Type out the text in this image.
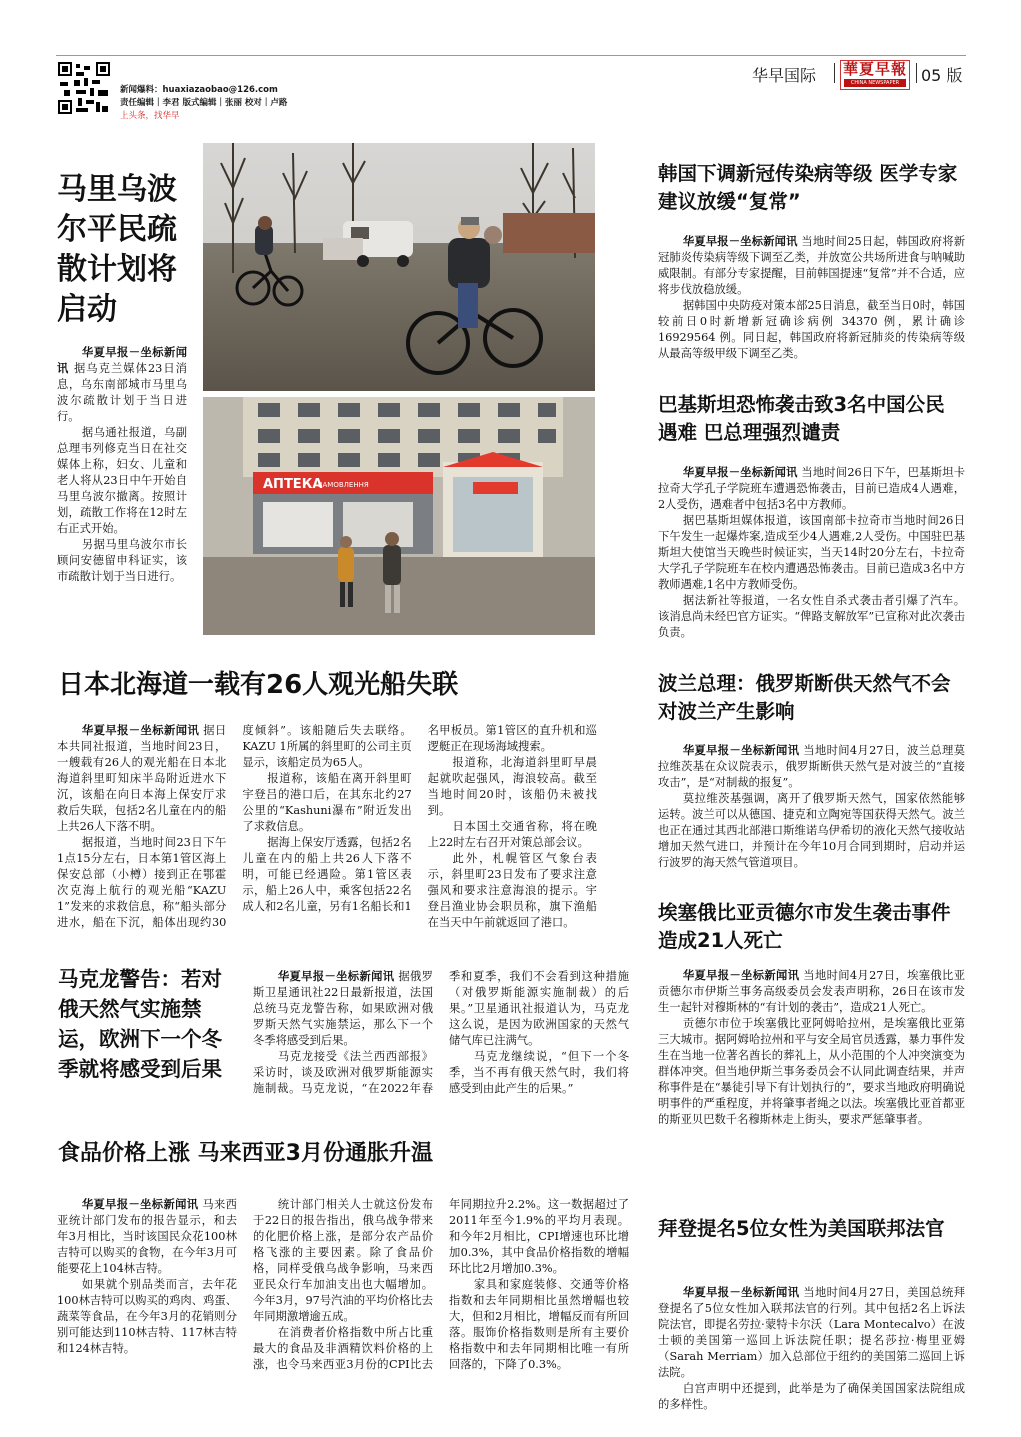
新闻爆料：huaxiazaobao@126.com
责任编辑｜李君 版式编辑｜张丽 校对｜卢路
上头条，找华早
华早国际 華夏早報
CHINA NEWSPAPER	05 版
马里乌波尔平民疏散计划将启动

华夏早报－坐标新闻讯 据乌克兰媒体23日消息，乌东南部城市马里乌波尔疏散计划于当日进行。

据乌通社报道，乌副总理韦列修克当日在社交媒体上称，妇女、儿童和老人将从23日中午开始自马里乌波尔撤离。按照计划，疏散工作将在12时左右正式开始。

另据马里乌波尔市长顾问安德留申科证实，该市疏散计划于当日进行。

АПТЕКА
ЗАМОВЛЕННЯ
韩国下调新冠传染病等级 医学专家建议放缓“复常”

华夏早报－坐标新闻讯 当地时间25日起，韩国政府将新冠肺炎传染病等级下调至乙类，并放宽公共场所进食与呐喊助威限制。有部分专家提醒，目前韩国提速“复常”并不合适，应将步伐放稳放缓。

据韩国中央防疫对策本部25日消息，截至当日0时，韩国较前日0时新增新冠确诊病例 34370 例，累计确诊16929564 例。同日起，韩国政府将新冠肺炎的传染病等级从最高等级甲级下调至乙类。

巴基斯坦恐怖袭击致3名中国公民遇难 巴总理强烈谴责

华夏早报－坐标新闻讯 当地时间26日下午，巴基斯坦卡拉奇大学孔子学院班车遭遇恐怖袭击，目前已造成4人遇难，2人受伤，遇难者中包括3名中方教师。

据巴基斯坦媒体报道，该国南部卡拉奇市当地时间26日下午发生一起爆炸案,造成至少4人遇难,2人受伤。中国驻巴基斯坦大使馆当天晚些时候证实，当天14时20分左右，卡拉奇大学孔子学院班车在校内遭遇恐怖袭击。目前已造成3名中方教师遇难,1名中方教师受伤。

据法新社等报道，一名女性自杀式袭击者引爆了汽车。该消息尚未经巴官方证实。“俾路支解放军”已宣称对此次袭击负责。

日本北海道一载有26人观光船失联

华夏早报－坐标新闻讯 据日本共同社报道，当地时间23日，一艘载有26人的观光船在日本北海道斜里町知床半岛附近进水下沉，该船在向日本海上保安厅求救后失联，包括2名儿童在内的船上共26人下落不明。

据报道，当地时间23日下午1点15分左右，日本第1管区海上保安总部（小樽）接到正在鄂霍次克海上航行的观光船“KAZU 1”发来的求救信息，称“船头部分进水，船在下沉，船体出现约30度倾斜”。该船随后失去联络。KAZU 1所属的斜里町的公司主页显示，该船定员为65人。

报道称，该船在离开斜里町宇登吕的港口后，在其东北约27公里的“Kashuni瀑布”附近发出了求救信息。

据海上保安厅透露，包括2名儿童在内的船上共26人下落不明，可能已经遇险。第1管区表示，船上26人中，乘客包括22名成人和2名儿童，另有1名船长和1名甲板员。第1管区的直升机和巡逻艇正在现场海域搜索。

报道称，北海道斜里町早晨起就吹起强风，海浪较高。截至当地时间20时，该船仍未被找到。

日本国土交通省称，将在晚上22时左右召开对策总部会议。

此外，札幌管区气象台表示，斜里町23日发布了要求注意强风和要求注意海浪的提示。宇登吕渔业协会职员称，旗下渔船在当天中午前就返回了港口。

波兰总理：俄罗斯断供天然气不会对波兰产生影响

华夏早报－坐标新闻讯 当地时间4月27日，波兰总理莫拉维茨基在众议院表示，俄罗斯断供天然气是对波兰的“直接攻击”，是“对制裁的报复”。

莫拉维茨基强调，离开了俄罗斯天然气，国家依然能够运转。波兰可以从德国、捷克和立陶宛等国获得天然气。波兰也正在通过其西北部港口斯维诺乌伊希切的液化天然气接收站增加天然气进口，并预计在今年10月合同到期时，启动并运行波罗的海天然气管道项目。

马克龙警告：若对俄天然气实施禁运，欧洲下一个冬季就将感受到后果

华夏早报－坐标新闻讯 据俄罗斯卫星通讯社22日最新报道，法国总统马克龙警告称，如果欧洲对俄罗斯天然气实施禁运，那么下一个冬季将感受到后果。

马克龙接受《法兰西西部报》采访时，谈及欧洲对俄罗斯能源实施制裁。马克龙说，“在2022年春季和夏季，我们不会看到这种措施（对俄罗斯能源实施制裁）的后果。”卫星通讯社报道认为，马克龙这么说，是因为欧洲国家的天然气储气库已注满气。

马克龙继续说，“但下一个冬季，当不再有俄天然气时，我们将感受到由此产生的后果。”

埃塞俄比亚贡德尔市发生袭击事件 造成21人死亡

华夏早报－坐标新闻讯 当地时间4月27日，埃塞俄比亚贡德尔市伊斯兰事务高级委员会发表声明称，26日在该市发生一起针对穆斯林的“有计划的袭击”，造成21人死亡。

贡德尔市位于埃塞俄比亚阿姆哈拉州，是埃塞俄比亚第三大城市。据阿姆哈拉州和平与安全局官员透露，暴力事件发生在当地一位著名酋长的葬礼上，从小范围的个人冲突演变为群体冲突。但当地伊斯兰事务委员会不认同此调查结果，并声称事件是在“暴徒引导下有计划执行的”，要求当地政府明确说明事件的严重程度，并将肇事者绳之以法。埃塞俄比亚首都亚的斯亚贝巴数千名穆斯林走上街头，要求严惩肇事者。

食品价格上涨 马来西亚3月份通胀升温

华夏早报－坐标新闻讯 马来西亚统计部门发布的报告显示，和去年3月相比，当时该国民众花100林吉特可以购买的食物，在今年3月可能要花上104林吉特。

如果就个别品类而言，去年花100林吉特可以购买的鸡肉、鸡蛋、蔬菜等食品，在今年3月的花销则分别可能达到110林吉特、117林吉特和124林吉特。

统计部门相关人士就这份发布于22日的报告指出，俄乌战争带来的化肥价格上涨，是部分农产品价格飞涨的主要因素。除了食品价格，同样受俄乌战争影响，马来西亚民众行车加油支出也大幅增加。今年3月，97号汽油的平均价格比去年同期激增逾五成。

在消费者价格指数中所占比重最大的食品及非酒精饮料价格的上涨，也令马来西亚3月份的CPI比去年同期拉升2.2%。这一数据超过了2011年至今1.9%的平均月表现。和今年2月相比，CPI增速也环比增加0.3%，其中食品价格指数的增幅环比比2月增加0.3%。

家具和家庭装修、交通等价格指数和去年同期相比虽然增幅也较大，但和2月相比，增幅反而有所回落。服饰价格指数则是所有主要价格指数中和去年同期相比唯一有所回落的，下降了0.3%。

拜登提名5位女性为美国联邦法官

华夏早报－坐标新闻讯 当地时间4月27日，美国总统拜登提名了5位女性加入联邦法官的行列。其中包括2名上诉法院法官，即提名劳拉·蒙特卡尔沃（Lara Montecalvo）在波士顿的美国第一巡回上诉法院任职；提名莎拉·梅里亚姆（Sarah Merriam）加入总部位于纽约的美国第二巡回上诉法院。

白宫声明中还提到，此举是为了确保美国国家法院组成的多样性。
